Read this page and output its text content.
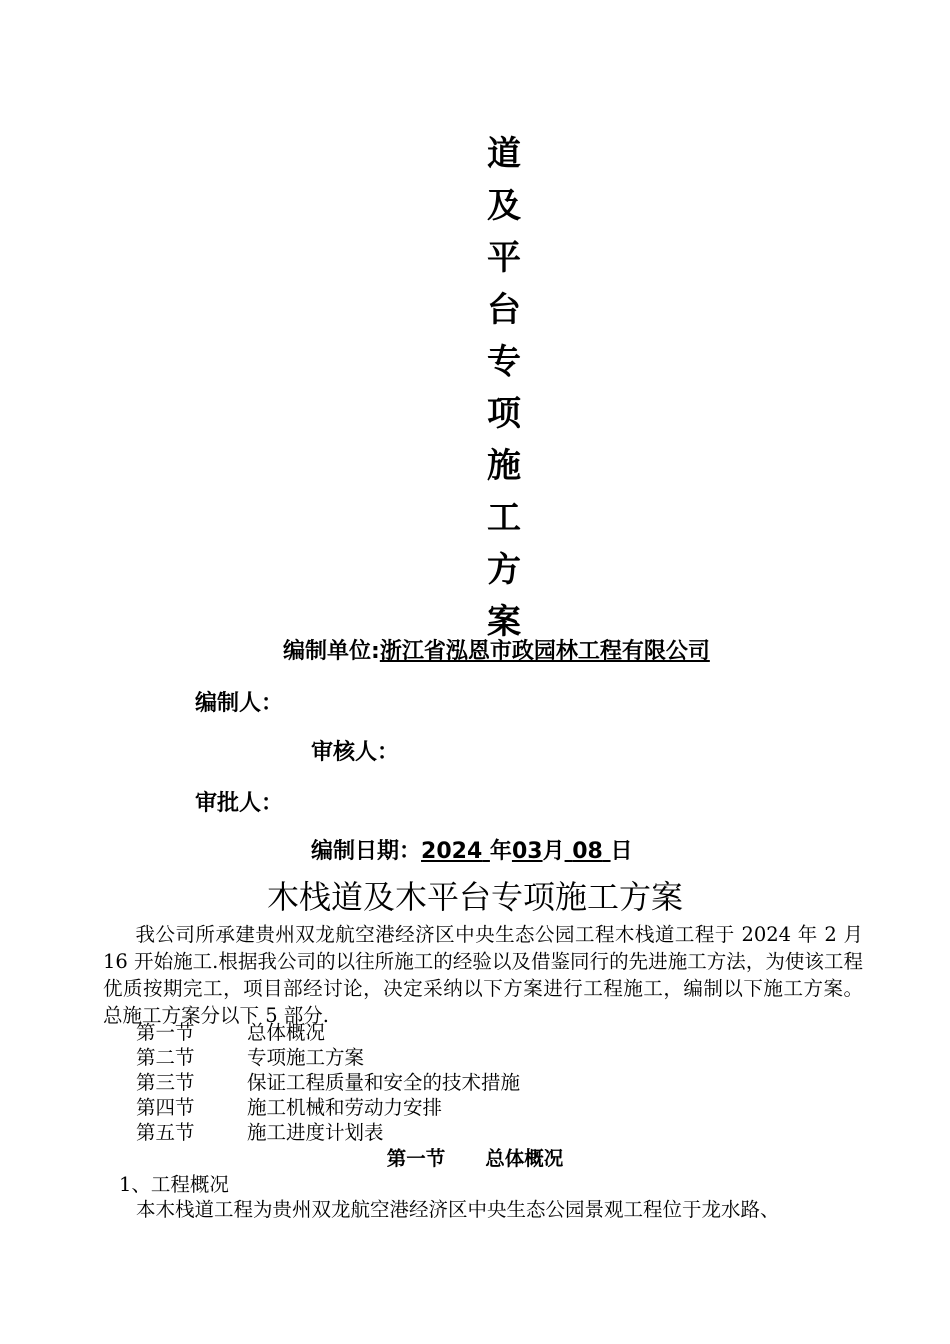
道
及
平
台
专
项
施
工
方
案
编制单位:浙江省泓恩市政园林工程有限公司
编制人：
审核人：
审批人：
编制日期：2024 年03月 08 日
木栈道及木平台专项施工方案
我公司所承建贵州双龙航空港经济区中央生态公园工程木栈道工程于 2024 年 2 月 16 开始施工.根据我公司的以往所施工的经验以及借鉴同行的先进施工方法，为使该工程优质按期完工，项目部经讨论，决定采纳以下方案进行工程施工，编制以下施工方案。总施工方案分以下 5 部分.
第一节	总体概况
第二节	专项施工方案
第三节	保证工程质量和安全的技术措施
第四节	施工机械和劳动力安排
第五节	施工进度计划表
第一节 总体概况
1、工程概况
本木栈道工程为贵州双龙航空港经济区中央生态公园景观工程位于龙水路、
